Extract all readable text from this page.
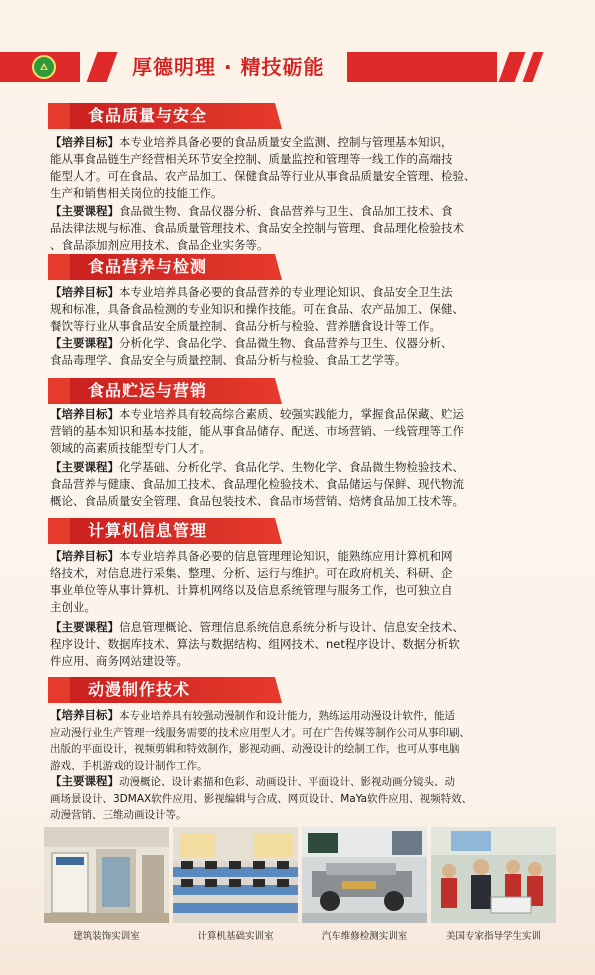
厚德明理 · 精技砺能
食品质量与安全

【培养目标】本专业培养具备必要的食品质量安全监测、控制与管理基本知识，
能从事食品链生产经营相关环节安全控制、质量监控和管理等一线工作的高端技
能型人才。可在食品、农产品加工、保健食品等行业从事食品质量安全管理、检验、
生产和销售相关岗位的技能工作。

【主要课程】食品微生物、食品仪器分析、食品营养与卫生、食品加工技术、食
品法律法规与标准、食品质量管理技术、食品安全控制与管理、食品理化检验技术
、食品添加剂应用技术、食品企业实务等。

食品营养与检测

【培养目标】本专业培养具备必要的食品营养的专业理论知识、食品安全卫生法
规和标准，具备食品检测的专业知识和操作技能。可在食品、农产品加工、保健、
餐饮等行业从事食品安全质量控制、食品分析与检验、营养膳食设计等工作。

【主要课程】分析化学、食品化学、食品微生物、食品营养与卫生、仪器分析、
食品毒理学、食品安全与质量控制、食品分析与检验、食品工艺学等。

食品贮运与营销

【培养目标】本专业培养具有较高综合素质、较强实践能力，掌握食品保藏、贮运
营销的基本知识和基本技能，能从事食品储存、配送、市场营销、一线管理等工作
领域的高素质技能型专门人才。

【主要课程】化学基础、分析化学、食品化学、生物化学、食品微生物检验技术、
食品营养与健康、食品加工技术、食品理化检验技术、食品储运与保鲜、现代物流
概论、食品质量安全管理、食品包装技术、食品市场营销、焙烤食品加工技术等。

计算机信息管理

【培养目标】本专业培养具备必要的信息管理理论知识，能熟练应用计算机和网
络技术，对信息进行采集、整理、分析、运行与维护。可在政府机关、科研、企
事业单位等从事计算机、计算机网络以及信息系统管理与服务工作，也可独立自
主创业。

【主要课程】信息管理概论、管理信息系统信息系统分析与设计、信息安全技术、
程序设计、数据库技术、算法与数据结构、组网技术、net程序设计、数据分析软
件应用、商务网站建设等。

动漫制作技术

【培养目标】本专业培养具有较强动漫制作和设计能力，熟练运用动漫设计软件，能适
应动漫行业生产管理一线服务需要的技术应用型人才。可在广告传媒等制作公司从事印刷、
出版的平面设计，视频剪辑和特效制作，影视动画、动漫设计的绘制工作，也可从事电脑
游戏、手机游戏的设计制作工作。

【主要课程】动漫概论、设计素描和色彩、动画设计、平面设计、影视动画分镜头、动
画场景设计、3DMAX软件应用、影视编辑与合成、网页设计、MaYa软件应用、视频特效、
动漫营销、三维动画设计等。

建筑装饰实训室	计算机基础实训室	汽车维修检测实训室	美国专家指导学生实训
